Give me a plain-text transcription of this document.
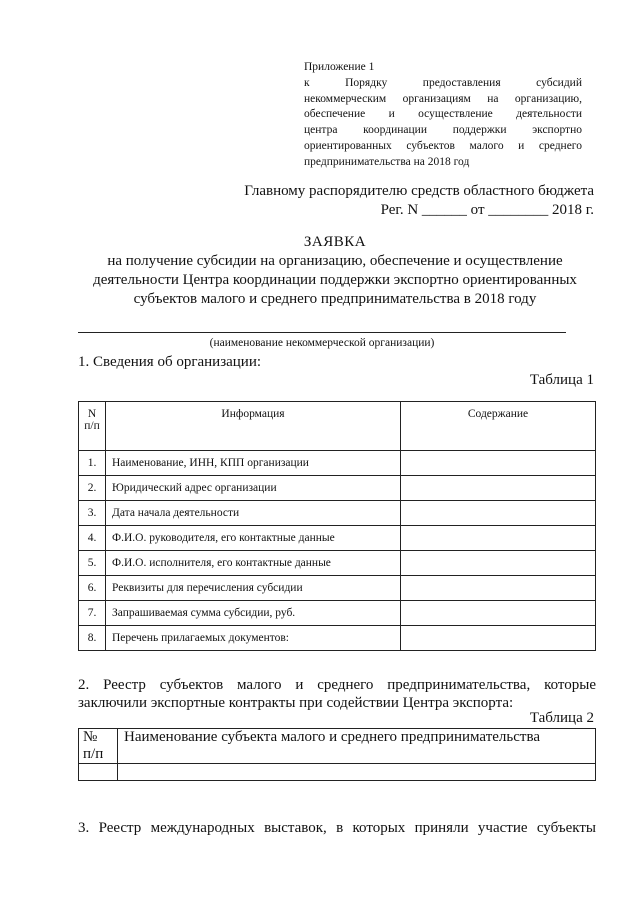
Приложение 1
к Порядку предоставления субсидий
некоммерческим организациям на организацию,
обеспечение и осуществление деятельности
центра координации поддержки экспортно
ориентированных субъектов малого и среднего
предпринимательства на 2018 год
Главному распорядителю средств областного бюджета
Рег. N ______ от ________ 2018 г.
ЗАЯВКА
на получение субсидии на организацию, обеспечение и осуществление
деятельности Центра координации поддержки экспортно ориентированных
субъектов малого и среднего предпринимательства в 2018 году
(наименование некоммерческой организации)
1. Сведения об организации:
Таблица 1
N
п/п	Информация	Содержание
1.	Наименование, ИНН, КПП организации	
2.	Юридический адрес организации	
3.	Дата начала деятельности	
4.	Ф.И.О. руководителя, его контактные данные	
5.	Ф.И.О. исполнителя, его контактные данные	
6.	Реквизиты для перечисления субсидии	
7.	Запрашиваемая сумма субсидии, руб.	
8.	Перечень прилагаемых документов:	
2. Реестр субъектов малого и среднего предпринимательства, которые
заключили экспортные контракты при содействии Центра экспорта:
Таблица 2
№
п/п	Наименование субъекта малого и среднего предпринимательства

3. Реестр международных выставок, в которых приняли участие субъекты
